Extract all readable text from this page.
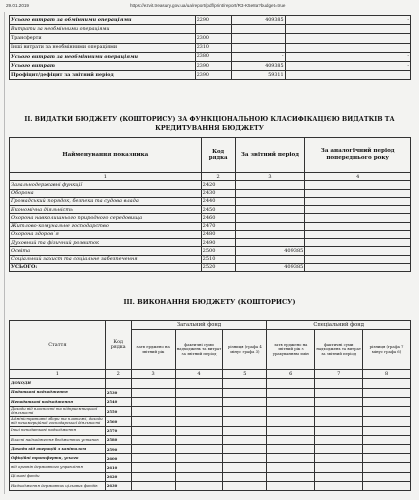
29.01.2019	https://ezvit.treasury.gov.ua/ua/report/pdf/print/report/R3-K5e8a?budget=true
Усього витрат за обмінними операціями	2290	409385	-
Витрати за необмінними операціями			
Трансферти	2300		
Інші витрати за необмінними операціями	2310		
Усього витрат за необмінними операціями	2380	-	-
Усього витрат	2390	409385	-
Профіцит/дефіцит за звітний період	2390	59311	
II. ВИДАТКИ БЮДЖЕТУ (КОШТОРИСУ) ЗА ФУНКЦІОНАЛЬНОЮ КЛАСИФІКАЦІЄЮ ВИДАТКІВ ТА
КРЕДИТУВАННЯ БЮДЖЕТУ
Найменування показника	Код рядка	За звітний період	За аналогічний період попереднього року
1	2	3	4
Загальнодержавні функції	2420		
Оборона	2430		
Громадський порядок, безпека та судова влада	2440		
Економічна діяльність	2450		
Охорона навколишнього природного середовища	2460		
Житлово-комунальне господарство	2470		
Охорона здоров`я	2480		
Духовний та фізичний розвиток	2490		
Освіта	2500	409385	
Соціальний захист та соціальне забезпечення	2510		
УСЬОГО:	2520	409385	
III. ВИКОНАННЯ БЮДЖЕТУ (КОШТОРИСУ)
Стаття	Код рядка	Загальний фонд			Спеціальний фонд		
		затв ерджено на звітний рік	фактичні суми надходжень та витрат за звітний період	різниця (графа 4 мінус графа 3)	затв ерджено на звітний рік з урахуванням змін	фактичні суми надходжень та витрат за звітний період	різниця (графа 7 мінус графа 6)
1	2	3	4	5	6	7	8
ДОХОДИ							
Податкові надходження	2530						
Неподаткові надходження	2540						
Доходи від власності та підприємницької діяльності	2550						
Адміністративні збори та платежі, доходи від некомерційної господарської діяльності	2560						
Інші неподаткові надходження	2570						
Власні надходження бюджетних установ	2580						
Доходи від операцій з капіталом	2590						
Офіційні трансферти, усього	2600						
від органів державного управління	2610						
Цільові фонди	2620						
Надходження державних цільових фондів	2630						
